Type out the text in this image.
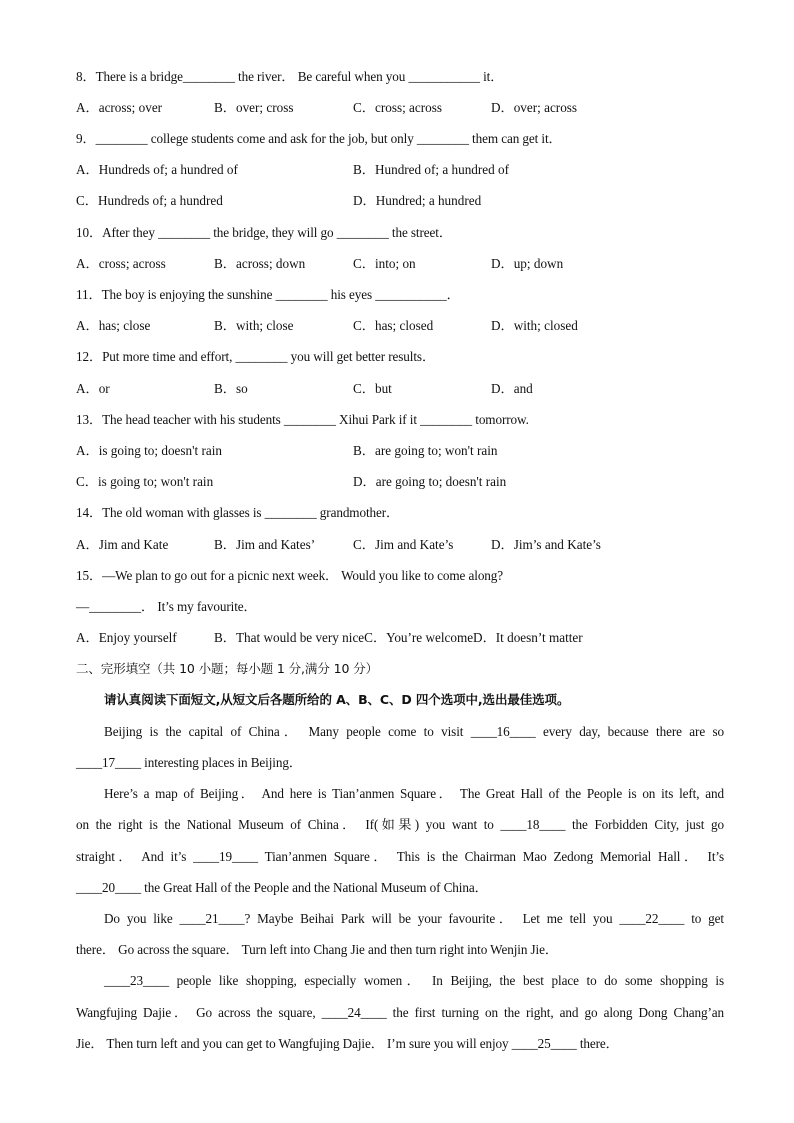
8．There is a bridge________ the river． Be careful when you ___________ it．
A．across; over	B．over; cross	C．cross; across	D．over; across
9．________ college students come and ask for the job, but only ________ them can get it．
A．Hundreds of; a hundred of	B．Hundred of; a hundred of
C．Hundreds of; a hundred	D．Hundred; a hundred
10．After they ________ the bridge, they will go ________ the street．
A．cross; across	B．across; down	C．into; on	D．up; down
11．The boy is enjoying the sunshine ________ his eyes ___________．
A．has; close	B．with; close	C．has; closed	D．with; closed
12．Put more time and effort, ________ you will get better results．
A．or	B．so	C．but	D．and
13．The head teacher with his students ________ Xihui Park if it ________ tomorrow.
A．is going to; doesn't rain	B．are going to; won't rain
C．is going to; won't rain	D．are going to; doesn't rain
14．The old woman with glasses is ________ grandmother．
A．Jim and Kate	B．Jim and Kates’	C．Jim and Kate’s	D．Jim’s and Kate’s
15．—We plan to go out for a picnic next week． Would you like to come along?
—________． It’s my favourite．
A．Enjoy yourself	B．That would be very niceC．You’re welcomeD．It doesn’t matter
二、完形填空（共 10 小题；每小题 1 分,满分 10 分）
请认真阅读下面短文,从短文后各题所给的 A、B、C、D 四个选项中,选出最佳选项。
Beijing is the capital of China． Many people come to visit ____16____ every day, because there are so
____17____ interesting places in Beijing．
Here’s a map of Beijing． And here is Tian’anmen Square． The Great Hall of the People is on its left, and
on the right is the National Museum of China． If(如果) you want to ____18____ the Forbidden City, just go
straight． And it’s ____19____ Tian’anmen Square． This is the Chairman Mao Zedong Memorial Hall． It’s
____20____ the Great Hall of the People and the National Museum of China．
Do you like ____21____? Maybe Beihai Park will be your favourite． Let me tell you ____22____ to get
there． Go across the square． Turn left into Chang Jie and then turn right into Wenjin Jie．
____23____ people like shopping, especially women． In Beijing, the best place to do some shopping is
Wangfujing Dajie． Go across the square, ____24____ the first turning on the right, and go along Dong Chang’an
Jie． Then turn left and you can get to Wangfujing Dajie． I’m sure you will enjoy ____25____ there．
